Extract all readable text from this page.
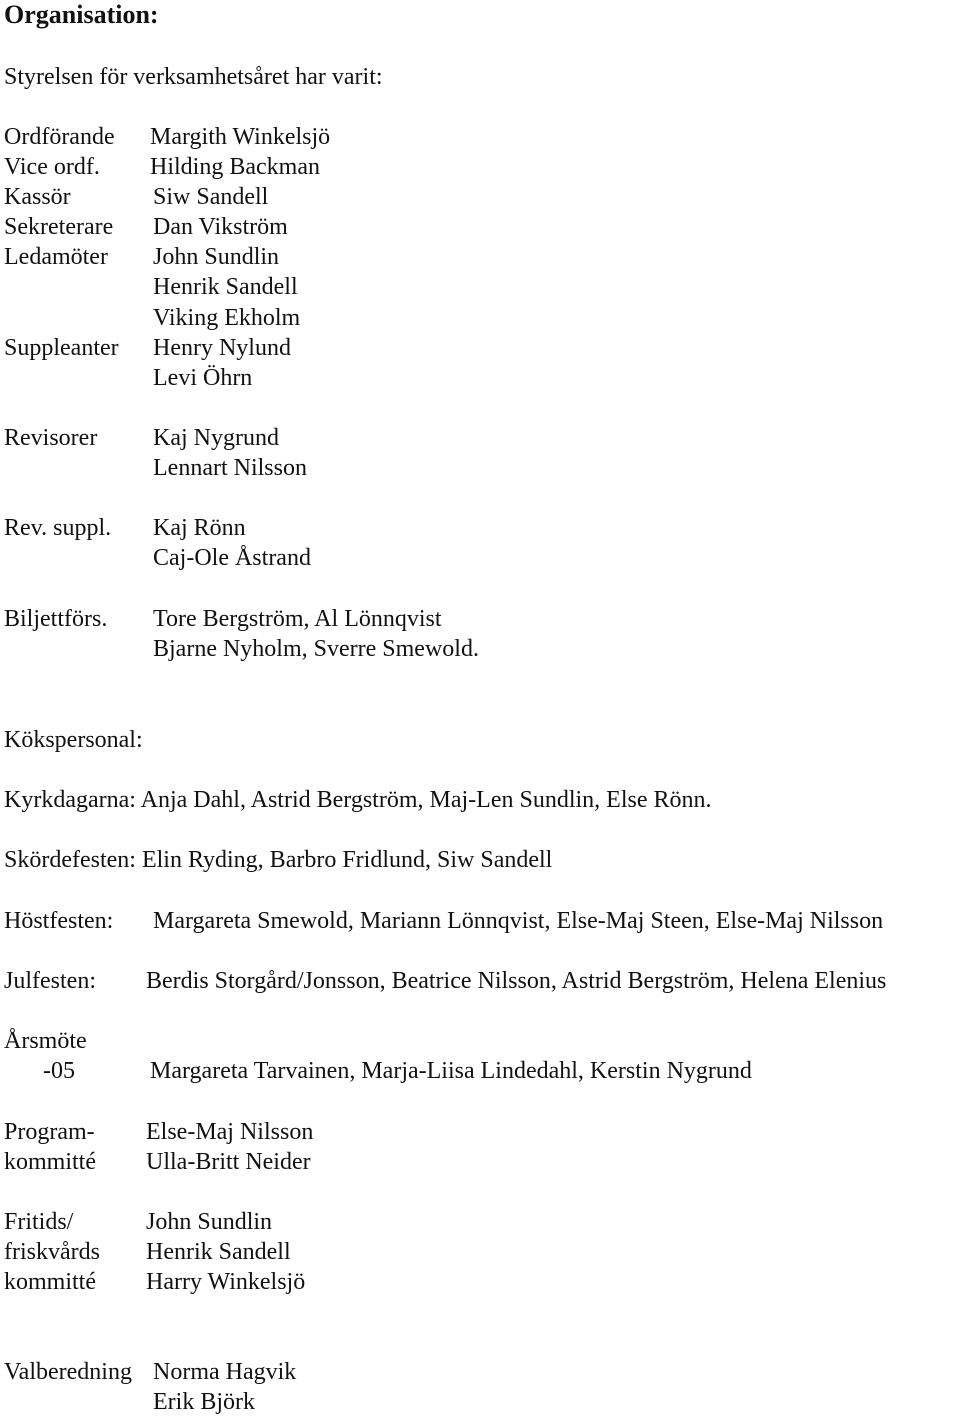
Organisation:
Styrelsen för verksamhetsåret har varit:
Ordförande
Vice ordf.
Kassör
Sekreterare
Ledamöter
Suppleanter
Revisorer
Rev. suppl.
Biljettförs.
Margith Winkelsjö
Hilding Backman
Siw Sandell
Dan Vikström
John Sundlin
Henrik Sandell
Viking Ekholm
Henry Nylund
Levi Öhrn
Kaj Nygrund
Lennart Nilsson
Kaj Rönn
Caj-Ole Åstrand
Tore Bergström, Al Lönnqvist
Bjarne Nyholm, Sverre Smewold.
Kökspersonal:
Kyrkdagarna: Anja Dahl, Astrid Bergström, Maj-Len Sundlin, Else Rönn.
Skördefesten: Elin Ryding, Barbro Fridlund, Siw Sandell
Höstfesten: Margareta Smewold, Mariann Lönnqvist, Else-Maj Steen, Else-Maj Nilsson
Julfesten: Berdis Storgård/Jonsson, Beatrice Nilsson, Astrid Bergström, Helena Elenius
Årsmöte
-05	Margareta Tarvainen, Marja-Liisa Lindedahl, Kerstin Nygrund
Program-
kommitté
Else-Maj Nilsson
Ulla-Britt Neider
Fritids/
friskvårds
kommitté
John Sundlin
Henrik Sandell
Harry Winkelsjö
Valberedning Norma Hagvik
Erik Björk
